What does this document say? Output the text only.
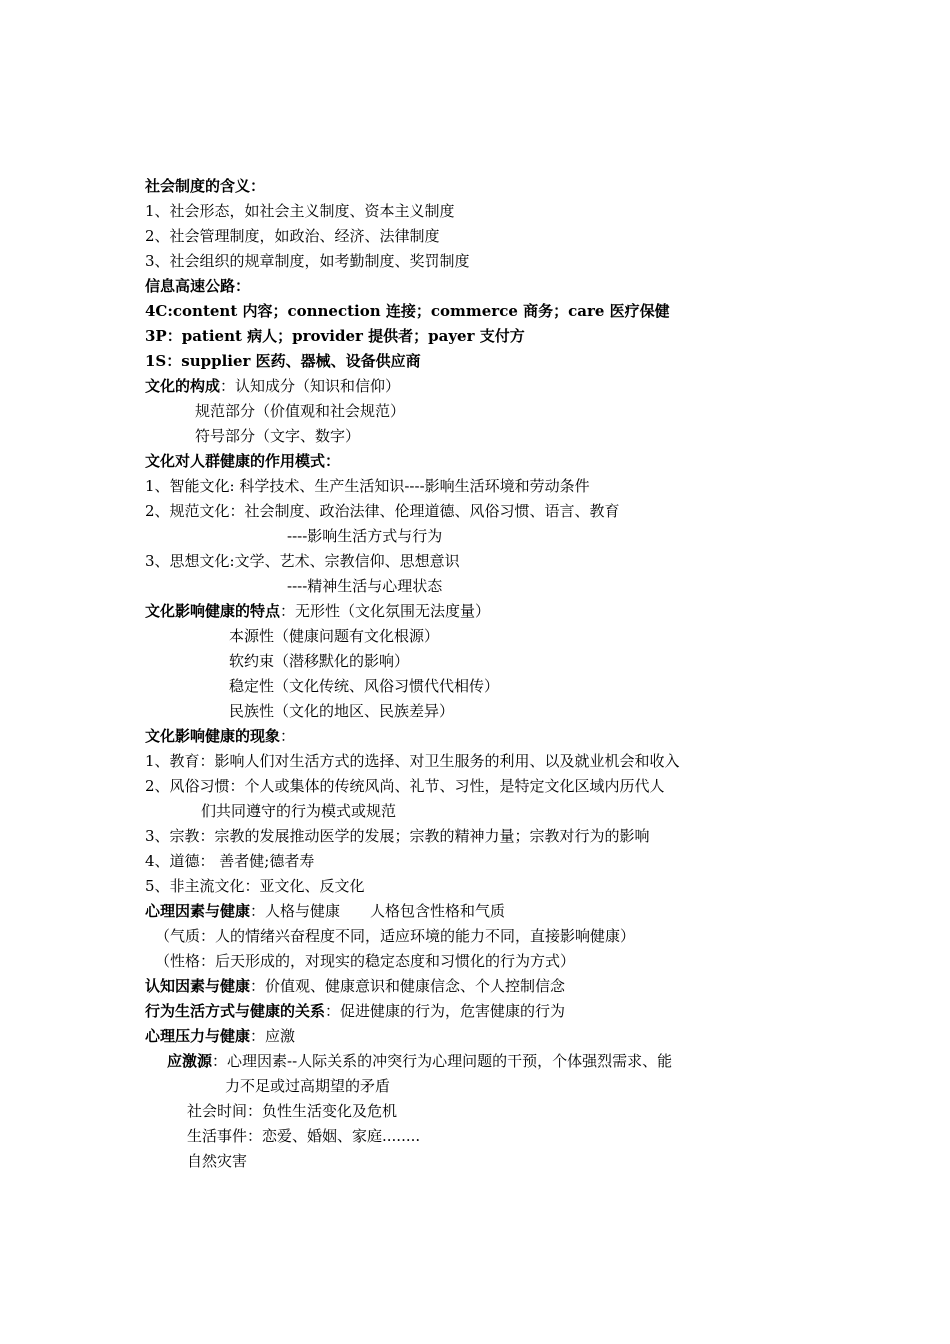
社会制度的含义：
1、社会形态，如社会主义制度、资本主义制度
2、社会管理制度，如政治、经济、法律制度
3、社会组织的规章制度，如考勤制度、奖罚制度
信息高速公路：
4C:content 内容；connection 连接；commerce 商务；care 医疗保健
3P：patient 病人；provider 提供者；payer 支付方
1S：supplier 医药、器械、设备供应商
文化的构成：认知成分（知识和信仰）
规范部分（价值观和社会规范）
符号部分（文字、数字）
文化对人群健康的作用模式：
1、智能文化: 科学技术、生产生活知识----影响生活环境和劳动条件
2、规范文化：社会制度、政治法律、伦理道德、风俗习惯、语言、教育
----影响生活方式与行为
3、思想文化:文学、艺术、宗教信仰、思想意识
----精神生活与心理状态
文化影响健康的特点：无形性（文化氛围无法度量）
本源性（健康问题有文化根源）
软约束（潜移默化的影响）
稳定性（文化传统、风俗习惯代代相传）
民族性（文化的地区、民族差异）
文化影响健康的现象：
1、教育：影响人们对生活方式的选择、对卫生服务的利用、以及就业机会和收入
2、风俗习惯：个人或集体的传统风尚、礼节、习性，是特定文化区域内历代人
们共同遵守的行为模式或规范
3、宗教：宗教的发展推动医学的发展；宗教的精神力量；宗教对行为的影响
4、道德： 善者健;德者寿
5、非主流文化：亚文化、反文化
心理因素与健康：人格与健康　　人格包含性格和气质
（气质：人的情绪兴奋程度不同，适应环境的能力不同，直接影响健康）
（性格：后天形成的，对现实的稳定态度和习惯化的行为方式）
认知因素与健康：价值观、健康意识和健康信念、个人控制信念
行为生活方式与健康的关系：促进健康的行为，危害健康的行为
心理压力与健康：应激
应激源：心理因素--人际关系的冲突行为心理问题的干预，个体强烈需求、能
力不足或过高期望的矛盾
社会时间：负性生活变化及危机
生活事件：恋爱、婚姻、家庭........
自然灾害
